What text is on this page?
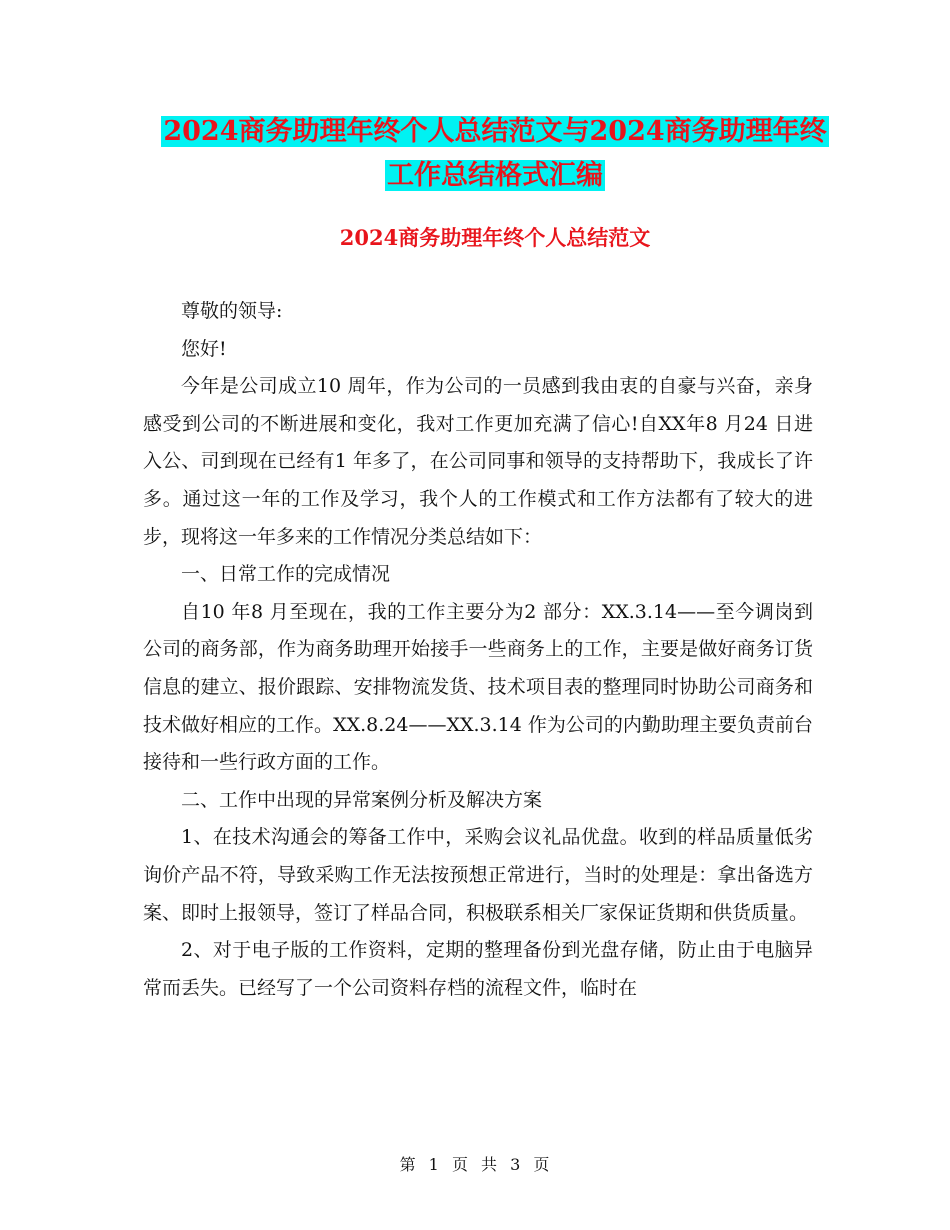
2024商务助理年终个人总结范文与2024商务助理年终
工作总结格式汇编
2024商务助理年终个人总结范文

尊敬的领导:

您好!

今年是公司成立10 周年，作为公司的一员感到我由衷的自豪与兴奋，亲身感受到公司的不断进展和变化，我对工作更加充满了信心!自XX年8 月24 日进入公、司到现在已经有1 年多了，在公司同事和领导的支持帮助下，我成长了许多。通过这一年的工作及学习，我个人的工作模式和工作方法都有了较大的进步，现将这一年多来的工作情况分类总结如下：

一、日常工作的完成情况

自10 年8 月至现在，我的工作主要分为2 部分：XX.3.14——至今调岗到公司的商务部，作为商务助理开始接手一些商务上的工作，主要是做好商务订货信息的建立、报价跟踪、安排物流发货、技术项目表的整理同时协助公司商务和技术做好相应的工作。XX.8.24——XX.3.14 作为公司的内勤助理主要负责前台接待和一些行政方面的工作。

二、工作中出现的异常案例分析及解决方案

1、在技术沟通会的筹备工作中，采购会议礼品优盘。收到的样品质量低劣询价产品不符，导致采购工作无法按预想正常进行，当时的处理是：拿出备选方案、即时上报领导，签订了样品合同，积极联系相关厂家保证货期和供货质量。

2、对于电子版的工作资料，定期的整理备份到光盘存储，防止由于电脑异常而丢失。已经写了一个公司资料存档的流程文件，临时在

第 1 页 共 3 页
